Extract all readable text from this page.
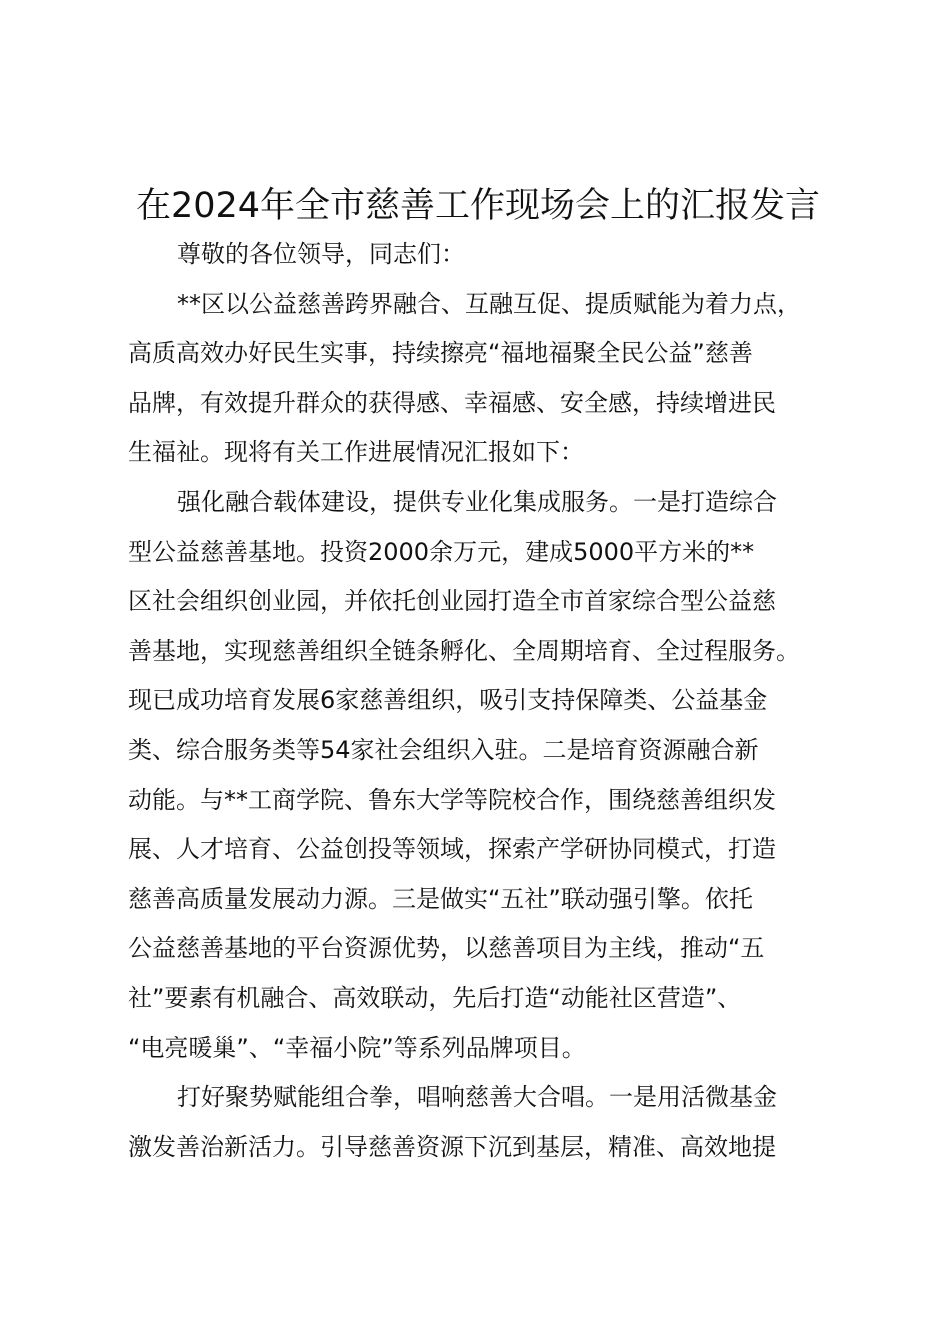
在2024年全市慈善工作现场会上的汇报发言
尊敬的各位领导，同志们：
**区以公益慈善跨界融合、互融互促、提质赋能为着力点，
高质高效办好民生实事，持续擦亮“福地福聚全民公益”慈善
品牌，有效提升群众的获得感、幸福感、安全感，持续增进民
生福祉。现将有关工作进展情况汇报如下：
强化融合载体建设，提供专业化集成服务。一是打造综合
型公益慈善基地。投资2000余万元，建成5000平方米的**
区社会组织创业园，并依托创业园打造全市首家综合型公益慈
善基地，实现慈善组织全链条孵化、全周期培育、全过程服务。
现已成功培育发展6家慈善组织，吸引支持保障类、公益基金
类、综合服务类等54家社会组织入驻。二是培育资源融合新
动能。与**工商学院、鲁东大学等院校合作，围绕慈善组织发
展、人才培育、公益创投等领域，探索产学研协同模式，打造
慈善高质量发展动力源。三是做实“五社”联动强引擎。依托
公益慈善基地的平台资源优势，以慈善项目为主线，推动“五
社”要素有机融合、高效联动，先后打造“动能社区营造”、
“电亮暖巢”、“幸福小院”等系列品牌项目。
打好聚势赋能组合拳，唱响慈善大合唱。一是用活微基金
激发善治新活力。引导慈善资源下沉到基层，精准、高效地提
